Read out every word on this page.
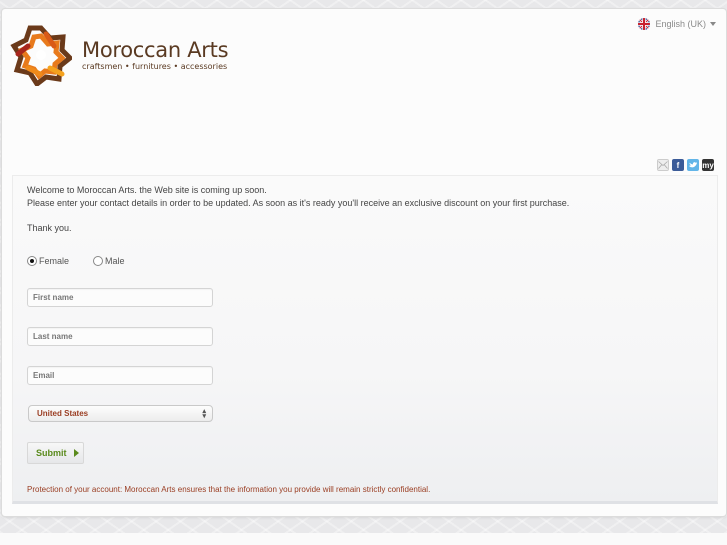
Moroccan Arts
craftsmen • furnitures • accessories
English (UK)
f	my
Welcome to Moroccan Arts. the Web site is coming up soon.
Please enter your contact details in order to be updated. As soon as it's ready you'll receive an exclusive discount on your first purchase.
Thank you.
Female	Male
First name
Last name
Email
United States	▴
▾
Submit
Protection of your account: Moroccan Arts ensures that the information you provide will remain strictly confidential.
